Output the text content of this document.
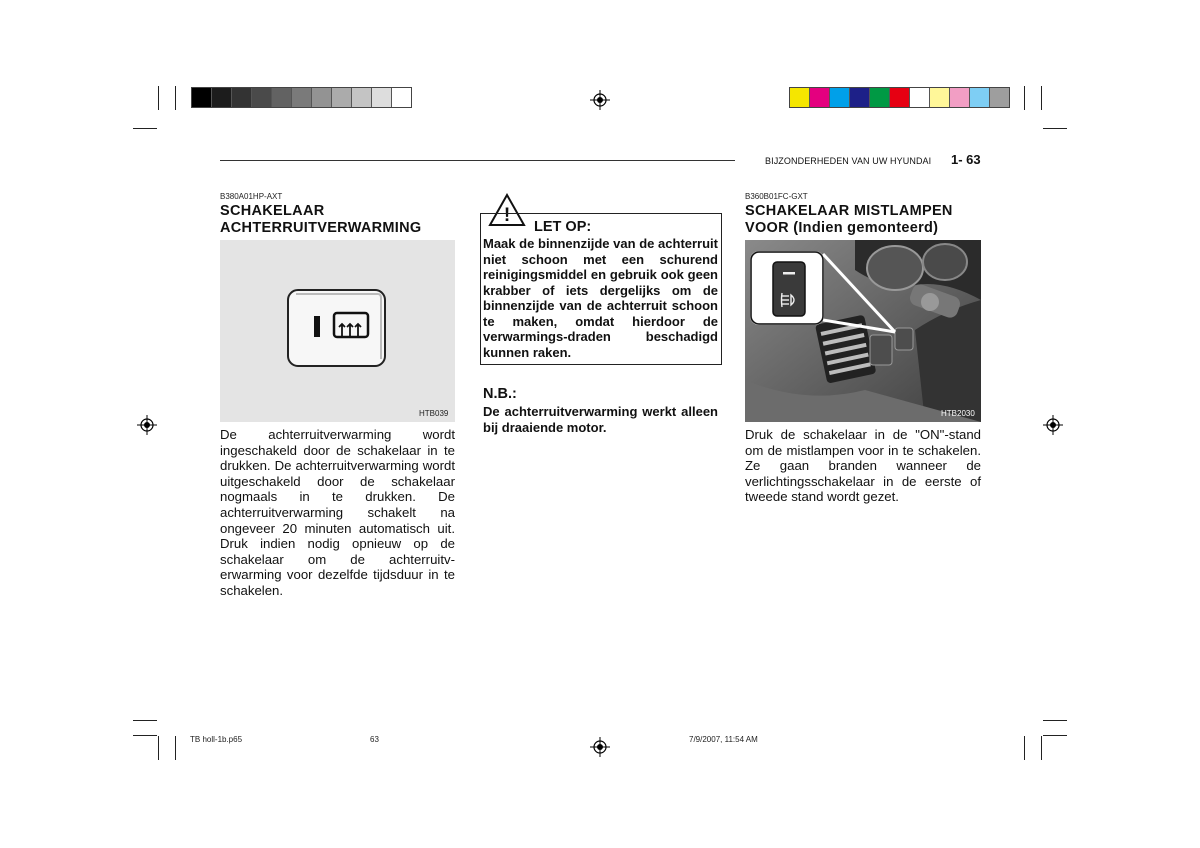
BIJZONDERHEDEN VAN UW HYUNDAI 1- 63
B380A01HP-AXT
SCHAKELAAR
ACHTERRUITVERWARMING
HTB039
De achterruitverwarming wordt ingeschakeld door de schakelaar in te drukken. De achterruitverwarming wordt uitgeschakeld door de schakelaar nogmaals in te drukken. De achterruitverwarming schakelt na ongeveer 20 minuten automatisch uit. Druk indien nodig opnieuw op de schakelaar om de achterruitv-erwarming voor dezelfde tijdsduur in te schakelen.
!
LET OP:
Maak de binnenzijde van de achterruit niet schoon met een schurend reinigingsmiddel en gebruik ook geen krabber of iets dergelijks om de binnenzijde van de achterruit schoon te maken, omdat hierdoor de verwarmings-draden beschadigd kunnen raken.
N.B.:
De achterruitverwarming werkt alleen bij draaiende motor.
B360B01FC-GXT
SCHAKELAAR MISTLAMPEN
VOOR (Indien gemonteerd)
HTB2030
Druk de schakelaar in de "ON"-stand om de mistlampen voor in te schakelen. Ze gaan branden wanneer de verlichtingsschakelaar in de eerste of tweede stand wordt gezet.
TB holl-1b.p65	63	7/9/2007, 11:54 AM
